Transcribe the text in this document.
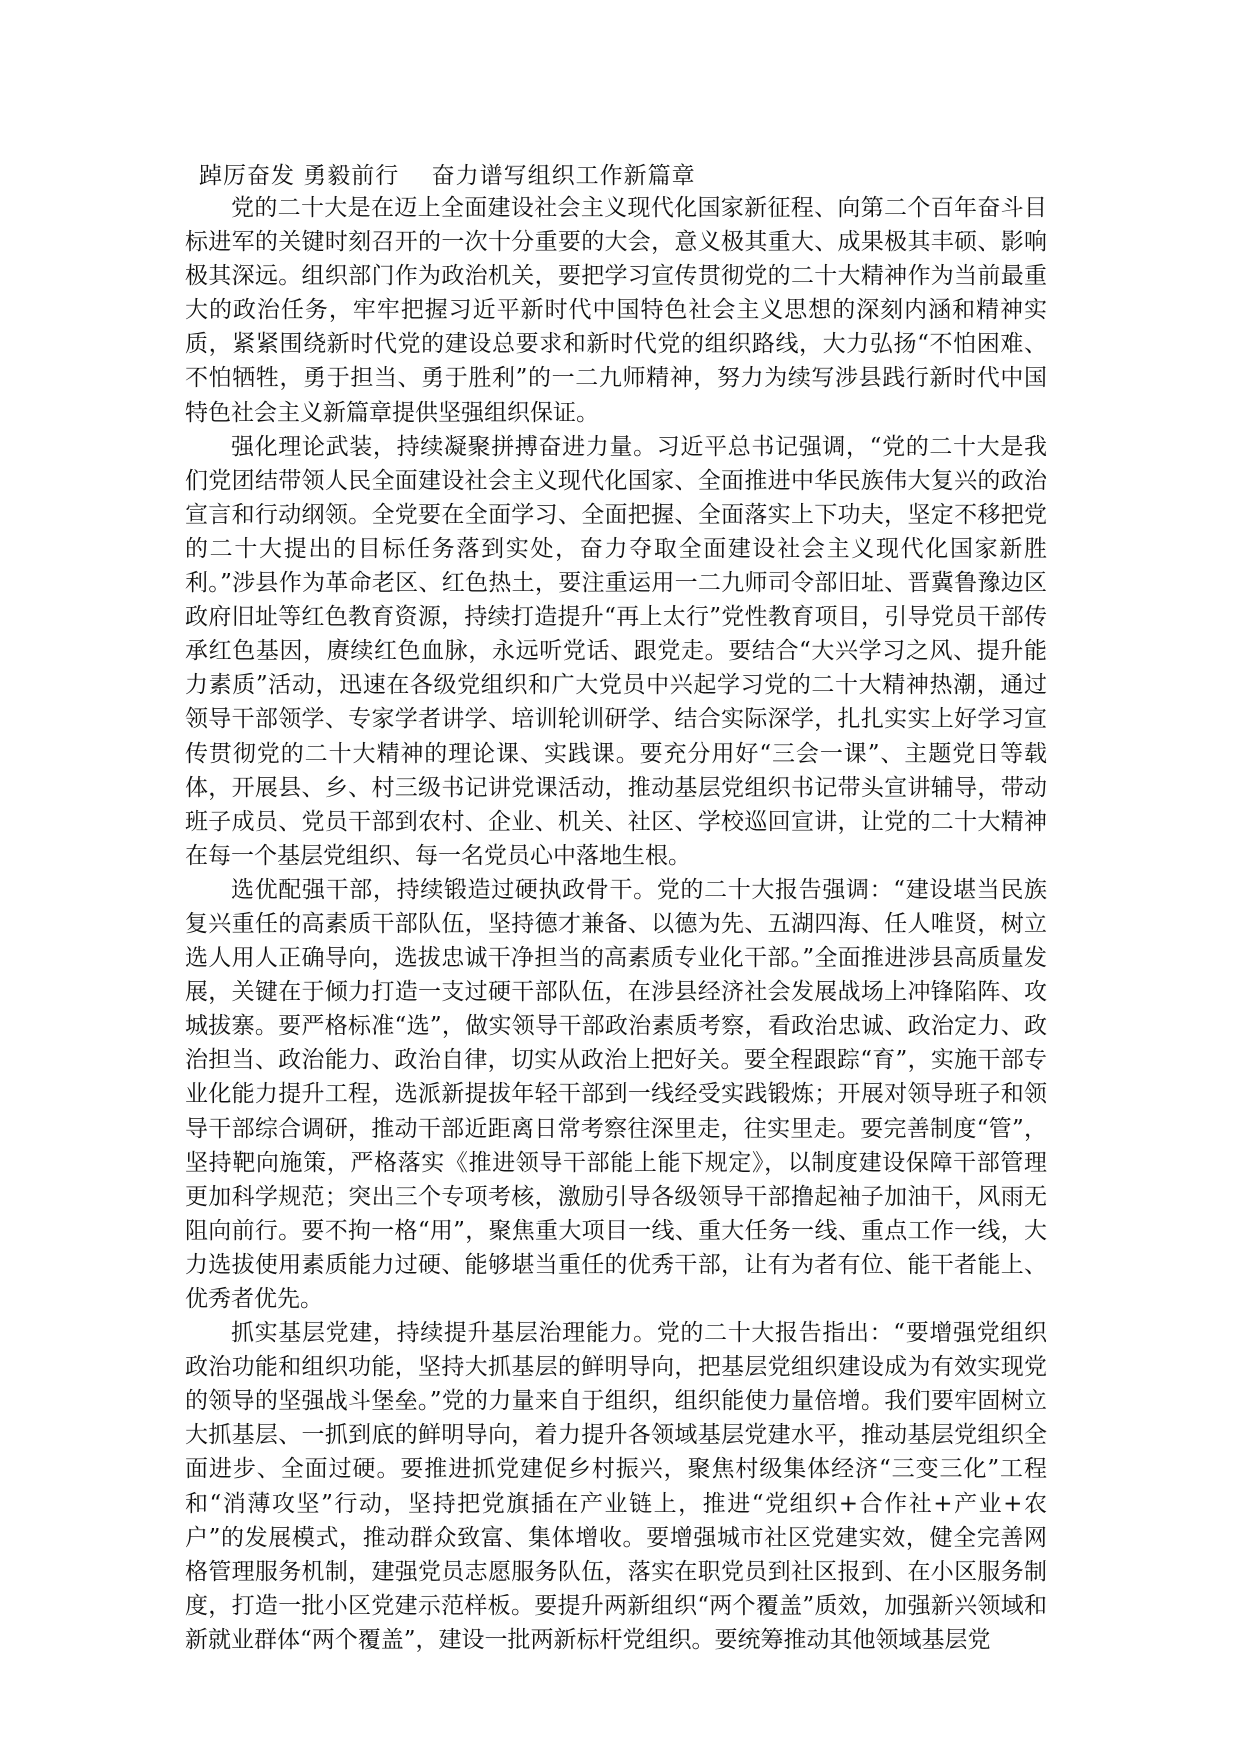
踔厉奋发 勇毅前行　 奋力谱写组织工作新篇章

党的二十大是在迈上全面建设社会主义现代化国家新征程、向第二个百年奋斗目标进军的关键时刻召开的一次十分重要的大会，意义极其重大、成果极其丰硕、影响极其深远。组织部门作为政治机关，要把学习宣传贯彻党的二十大精神作为当前最重大的政治任务，牢牢把握习近平新时代中国特色社会主义思想的深刻内涵和精神实质，紧紧围绕新时代党的建设总要求和新时代党的组织路线，大力弘扬“不怕困难、不怕牺牲，勇于担当、勇于胜利”的一二九师精神，努力为续写涉县践行新时代中国特色社会主义新篇章提供坚强组织保证。

强化理论武装，持续凝聚拼搏奋进力量。习近平总书记强调，“党的二十大是我们党团结带领人民全面建设社会主义现代化国家、全面推进中华民族伟大复兴的政治宣言和行动纲领。全党要在全面学习、全面把握、全面落实上下功夫，坚定不移把党的二十大提出的目标任务落到实处，奋力夺取全面建设社会主义现代化国家新胜利。”涉县作为革命老区、红色热土，要注重运用一二九师司令部旧址、晋冀鲁豫边区政府旧址等红色教育资源，持续打造提升“再上太行”党性教育项目，引导党员干部传承红色基因，赓续红色血脉，永远听党话、跟党走。要结合“大兴学习之风、提升能力素质”活动，迅速在各级党组织和广大党员中兴起学习党的二十大精神热潮，通过领导干部领学、专家学者讲学、培训轮训研学、结合实际深学，扎扎实实上好学习宣传贯彻党的二十大精神的理论课、实践课。要充分用好“三会一课”、主题党日等载体，开展县、乡、村三级书记讲党课活动，推动基层党组织书记带头宣讲辅导，带动班子成员、党员干部到农村、企业、机关、社区、学校巡回宣讲，让党的二十大精神在每一个基层党组织、每一名党员心中落地生根。

选优配强干部，持续锻造过硬执政骨干。党的二十大报告强调：“建设堪当民族复兴重任的高素质干部队伍，坚持德才兼备、以德为先、五湖四海、任人唯贤，树立选人用人正确导向，选拔忠诚干净担当的高素质专业化干部。”全面推进涉县高质量发展，关键在于倾力打造一支过硬干部队伍，在涉县经济社会发展战场上冲锋陷阵、攻城拔寨。要严格标准“选”，做实领导干部政治素质考察，看政治忠诚、政治定力、政治担当、政治能力、政治自律，切实从政治上把好关。要全程跟踪“育”，实施干部专业化能力提升工程，选派新提拔年轻干部到一线经受实践锻炼；开展对领导班子和领导干部综合调研，推动干部近距离日常考察往深里走，往实里走。要完善制度“管”，坚持靶向施策，严格落实《推进领导干部能上能下规定》，以制度建设保障干部管理更加科学规范；突出三个专项考核，激励引导各级领导干部撸起袖子加油干，风雨无阻向前行。要不拘一格“用”，聚焦重大项目一线、重大任务一线、重点工作一线，大力选拔使用素质能力过硬、能够堪当重任的优秀干部，让有为者有位、能干者能上、优秀者优先。

抓实基层党建，持续提升基层治理能力。党的二十大报告指出：“要增强党组织政治功能和组织功能，坚持大抓基层的鲜明导向，把基层党组织建设成为有效实现党的领导的坚强战斗堡垒。”党的力量来自于组织，组织能使力量倍增。我们要牢固树立大抓基层、一抓到底的鲜明导向，着力提升各领域基层党建水平，推动基层党组织全面进步、全面过硬。要推进抓党建促乡村振兴，聚焦村级集体经济“三变三化”工程和“消薄攻坚”行动，坚持把党旗插在产业链上，推进“党组织+合作社+产业+农户”的发展模式，推动群众致富、集体增收。要增强城市社区党建实效，健全完善网格管理服务机制，建强党员志愿服务队伍，落实在职党员到社区报到、在小区服务制度，打造一批小区党建示范样板。要提升两新组织“两个覆盖”质效，加强新兴领域和新就业群体“两个覆盖”，建设一批两新标杆党组织。要统筹推动其他领域基层党
